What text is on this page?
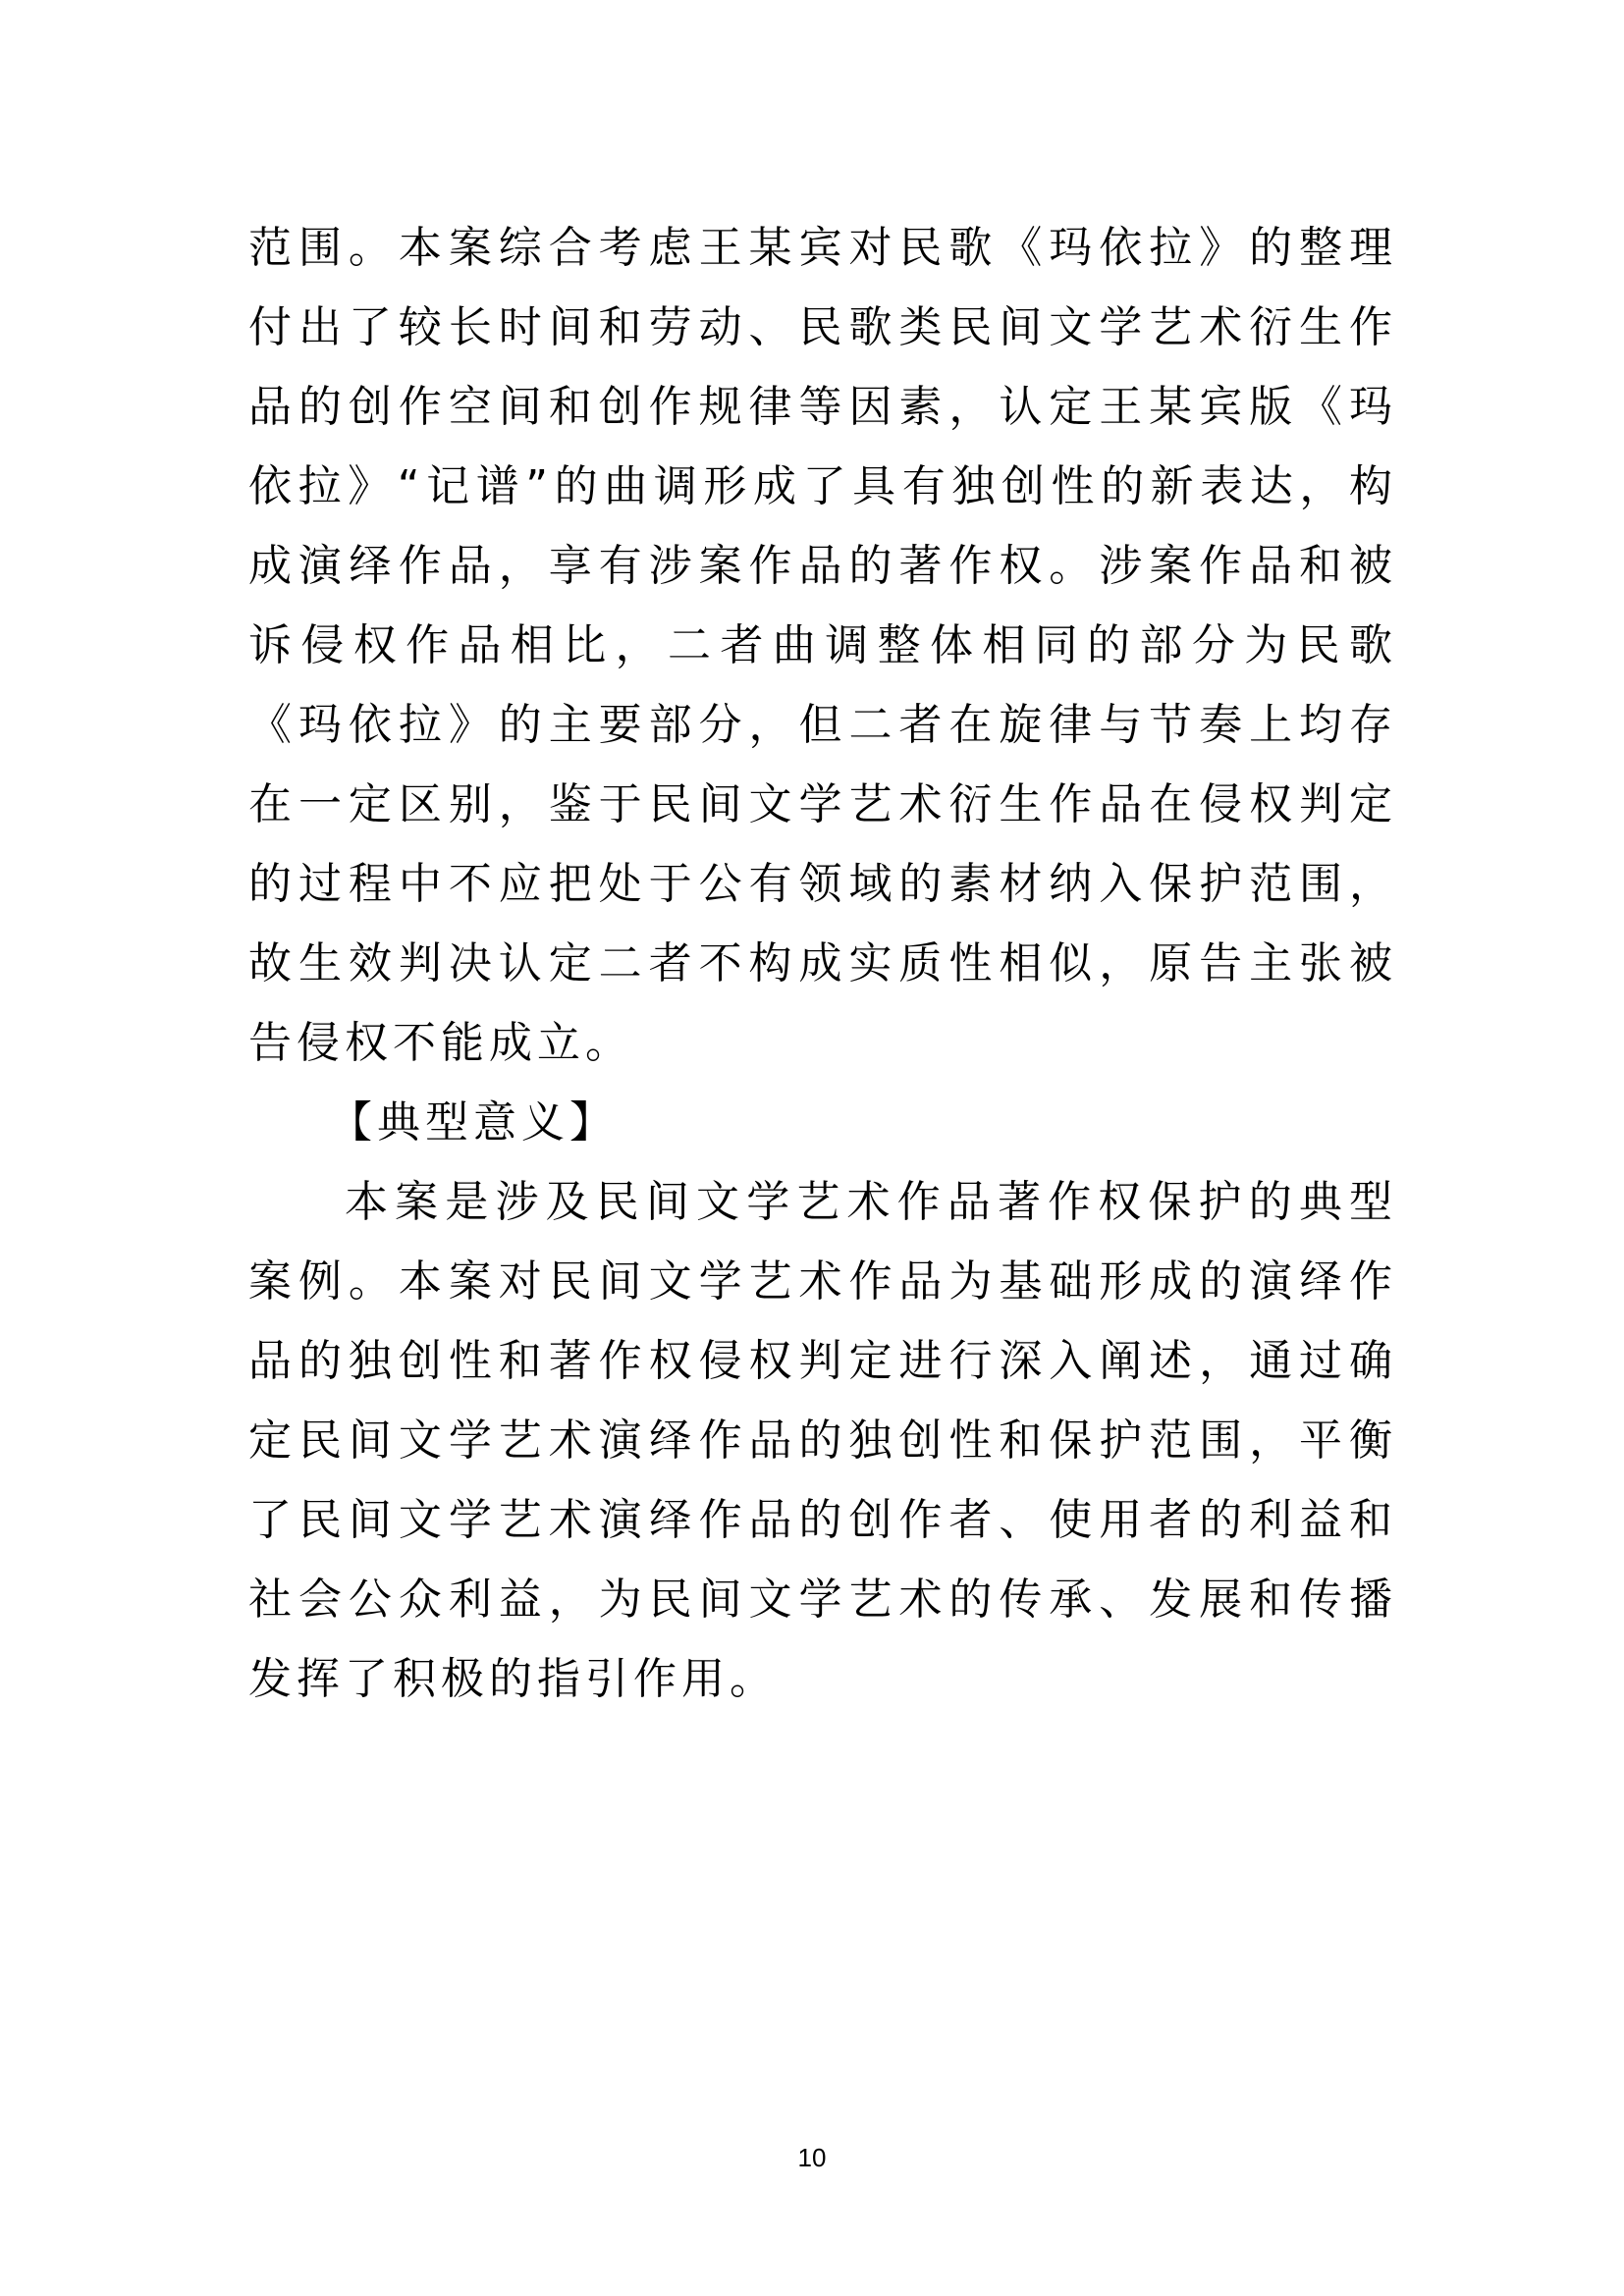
范围。本案综合考虑王某宾对民歌《玛依拉》的整理付出了较长时间和劳动、民歌类民间文学艺术衍生作品的创作空间和创作规律等因素，认定王某宾版《玛依拉》“记谱”的曲调形成了具有独创性的新表达，构成演绎作品，享有涉案作品的著作权。涉案作品和被诉侵权作品相比，二者曲调整体相同的部分为民歌《玛依拉》的主要部分，但二者在旋律与节奏上均存在一定区别，鉴于民间文学艺术衍生作品在侵权判定的过程中不应把处于公有领域的素材纳入保护范围，故生效判决认定二者不构成实质性相似，原告主张被告侵权不能成立。

【典型意义】

本案是涉及民间文学艺术作品著作权保护的典型案例。本案对民间文学艺术作品为基础形成的演绎作品的独创性和著作权侵权判定进行深入阐述，通过确定民间文学艺术演绎作品的独创性和保护范围，平衡了民间文学艺术演绎作品的创作者、使用者的利益和社会公众利益，为民间文学艺术的传承、发展和传播发挥了积极的指引作用。

10
